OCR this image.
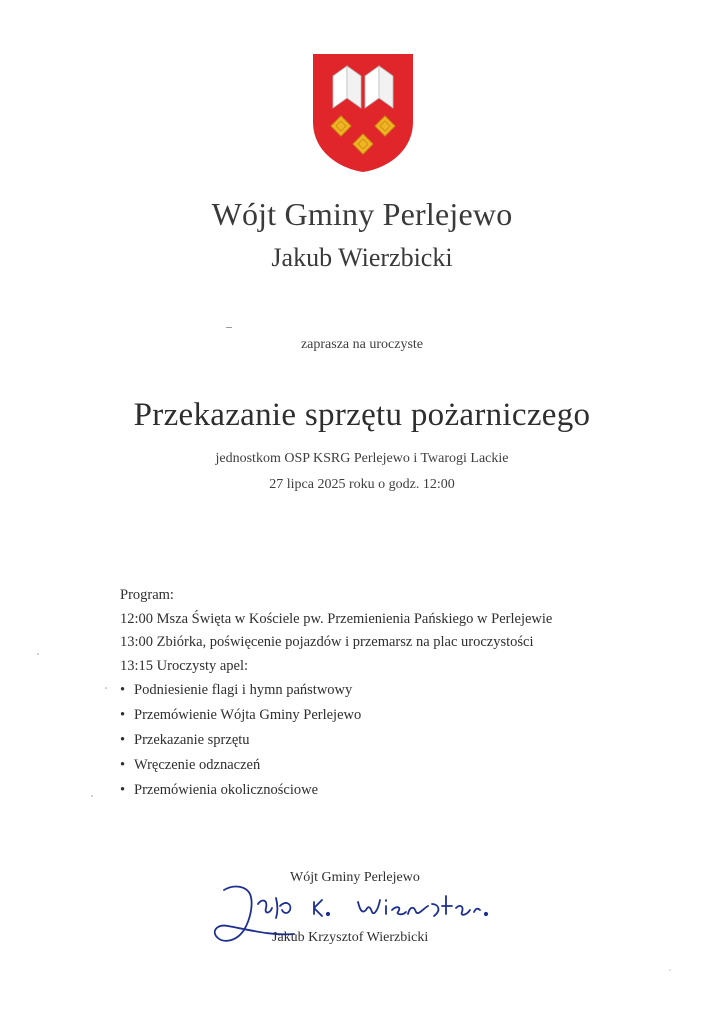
Wójt Gminy Perlejewo
Jakub Wierzbicki
zaprasza na uroczyste
Przekazanie sprzętu pożarniczego
jednostkom OSP KSRG Perlejewo i Twarogi Lackie
27 lipca 2025 roku o godz. 12:00
Program:
12:00 Msza Święta w Kościele pw. Przemienienia Pańskiego w Perlejewie
13:00 Zbiórka, poświęcenie pojazdów i przemarsz na plac uroczystości
13:15 Uroczysty apel:
• Podniesienie flagi i hymn państwowy
• Przemówienie Wójta Gminy Perlejewo
• Przekazanie sprzętu
• Wręczenie odznaczeń
• Przemówienia okolicznościowe
Wójt Gminy Perlejewo
Jakub Krzysztof Wierzbicki
